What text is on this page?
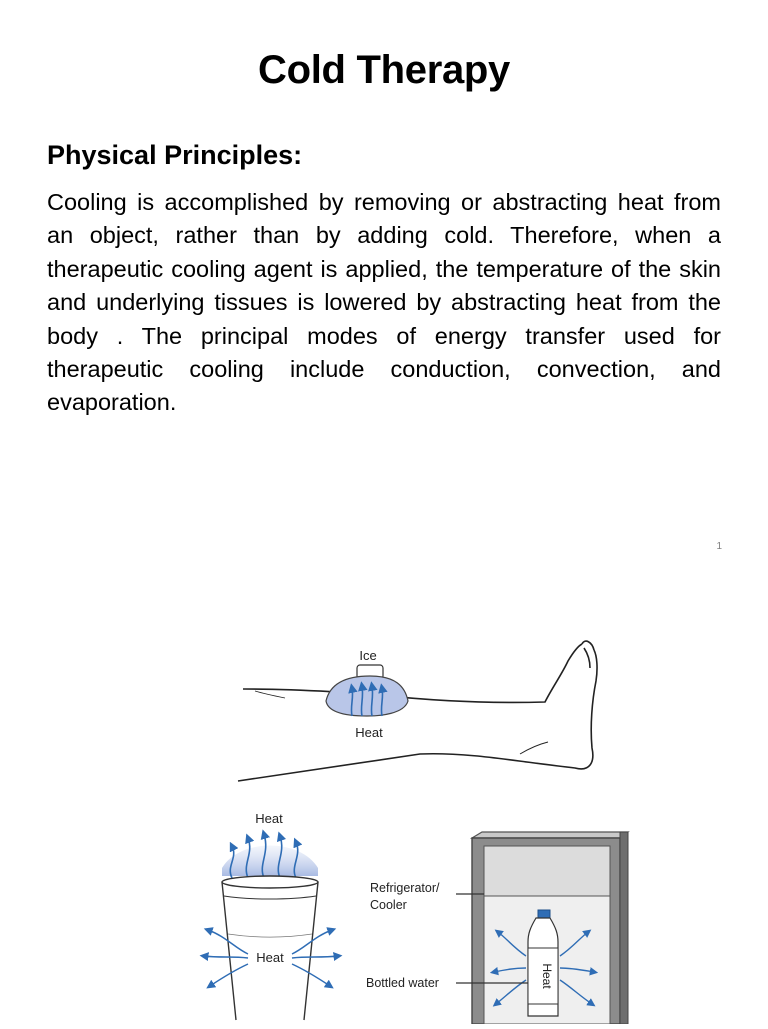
Cold Therapy
Physical Principles:
Cooling is accomplished by removing or abstracting heat from an object, rather than by adding cold. Therefore, when a therapeutic cooling agent is applied, the temperature of the skin and underlying tissues is lowered by abstracting heat from the body . The principal modes of energy transfer used for therapeutic cooling include conduction, convection, and evaporation.
1
Ice
Heat
Heat
Heat
Heat
Refrigerator/
Cooler
Bottled water
